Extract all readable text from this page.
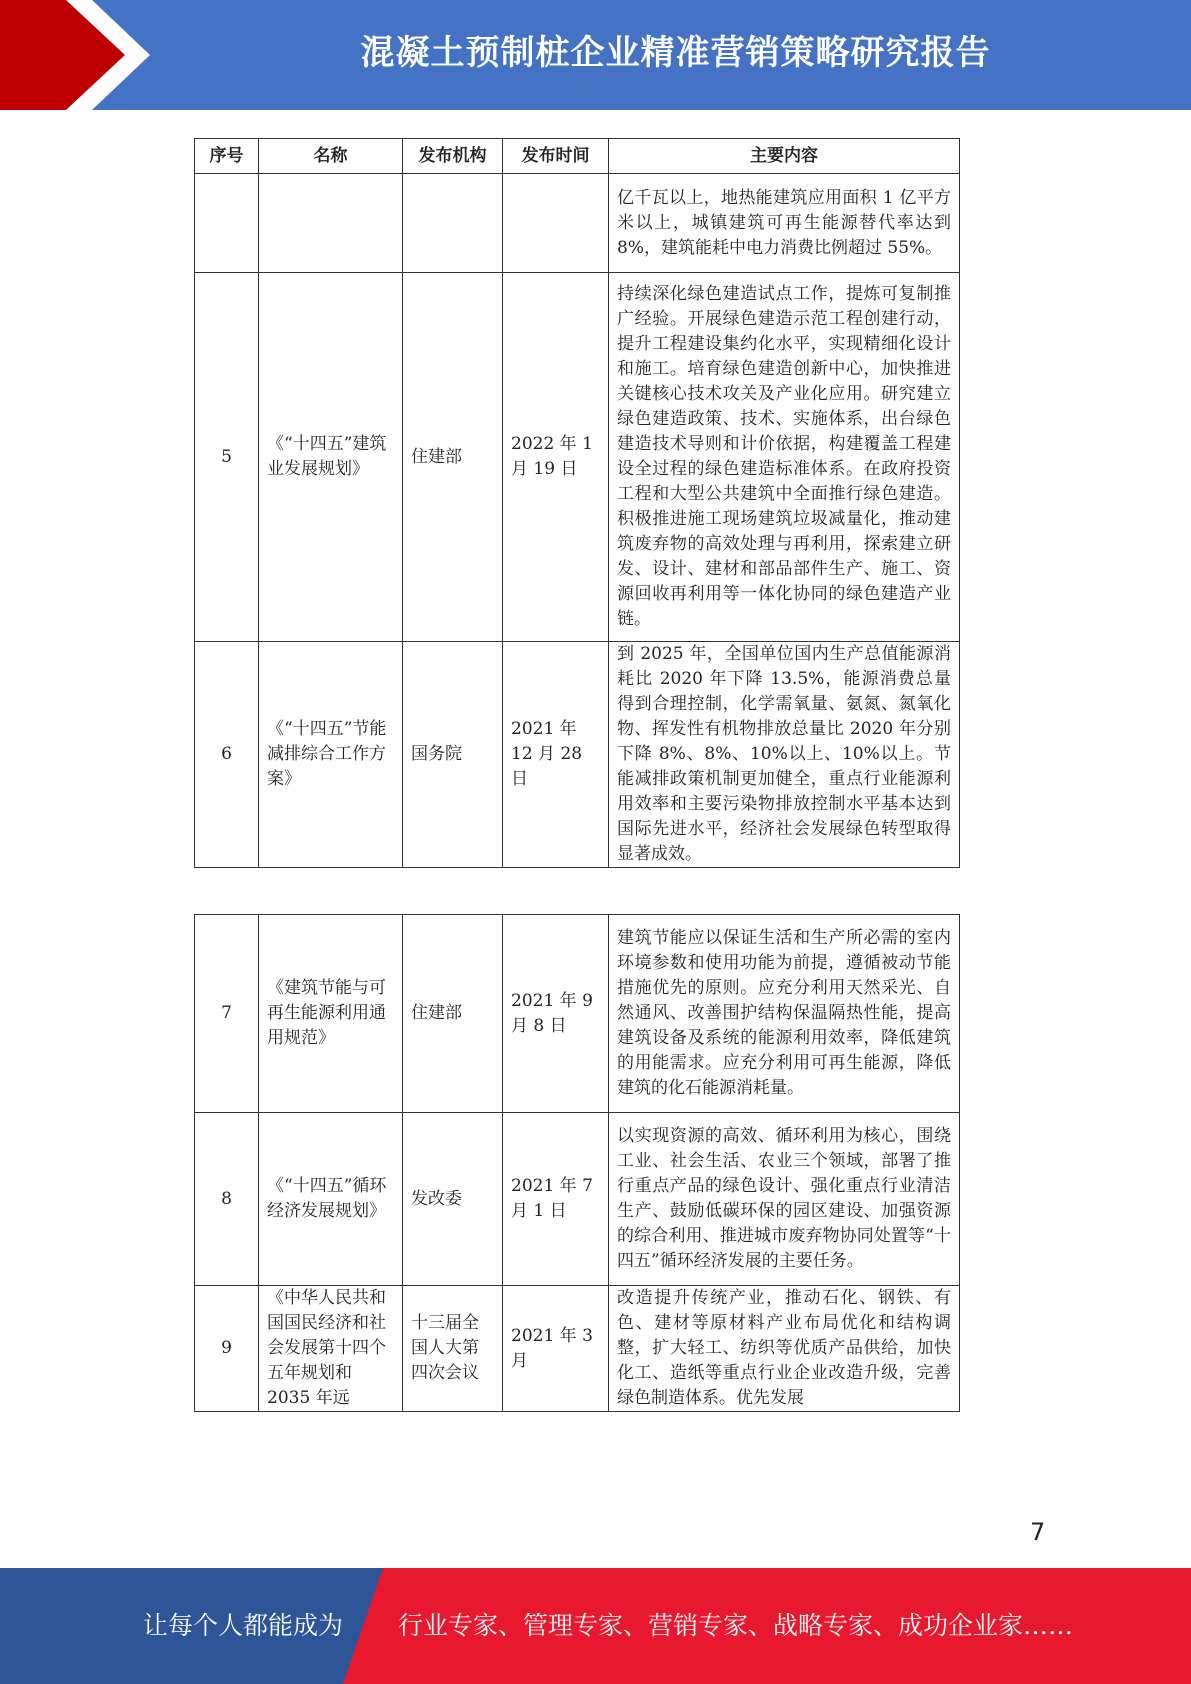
混凝土预制桩企业精准营销策略研究报告
序号	名称	发布机构	发布时间	主要内容
				亿千瓦以上，地热能建筑应用面积 1 亿平方米以上，城镇建筑可再生能源替代率达到 8%，建筑能耗中电力消费比例超过 55%。
5	《“十四五”建筑业发展规划》	住建部	2022 年 1 月 19 日	持续深化绿色建造试点工作，提炼可复制推广经验。开展绿色建造示范工程创建行动，提升工程建设集约化水平，实现精细化设计和施工。培育绿色建造创新中心，加快推进关键核心技术攻关及产业化应用。研究建立绿色建造政策、技术、实施体系，出台绿色建造技术导则和计价依据，构建覆盖工程建设全过程的绿色建造标准体系。在政府投资工程和大型公共建筑中全面推行绿色建造。积极推进施工现场建筑垃圾减量化，推动建筑废弃物的高效处理与再利用，探索建立研发、设计、建材和部品部件生产、施工、资源回收再利用等一体化协同的绿色建造产业链。
6	《“十四五”节能减排综合工作方案》	国务院	2021 年 12 月 28 日	到 2025 年，全国单位国内生产总值能源消耗比 2020 年下降 13.5%，能源消费总量得到合理控制，化学需氧量、氨氮、氮氧化物、挥发性有机物排放总量比 2020 年分别下降 8%、8%、10%以上、10%以上。节能减排政策机制更加健全，重点行业能源利用效率和主要污染物排放控制水平基本达到国际先进水平，经济社会发展绿色转型取得显著成效。
7	《建筑节能与可再生能源利用通用规范》	住建部	2021 年 9 月 8 日	建筑节能应以保证生活和生产所必需的室内环境参数和使用功能为前提，遵循被动节能措施优先的原则。应充分利用天然采光、自然通风、改善围护结构保温隔热性能，提高建筑设备及系统的能源利用效率，降低建筑的用能需求。应充分利用可再生能源，降低建筑的化石能源消耗量。
8	《“十四五”循环经济发展规划》	发改委	2021 年 7 月 1 日	以实现资源的高效、循环利用为核心，围绕工业、社会生活、农业三个领域，部署了推行重点产品的绿色设计、强化重点行业清洁生产、鼓励低碳环保的园区建设、加强资源的综合利用、推进城市废弃物协同处置等“十四五”循环经济发展的主要任务。
9	《中华人民共和国国民经济和社会发展第十四个五年规划和 2035 年远	十三届全国人大第四次会议	2021 年 3 月	改造提升传统产业，推动石化、钢铁、有色、建材等原材料产业布局优化和结构调整，扩大轻工、纺织等优质产品供给，加快化工、造纸等重点行业企业改造升级，完善绿色制造体系。优先发展
7
让每个人都能成为 行业专家、管理专家、营销专家、战略专家、成功企业家……
